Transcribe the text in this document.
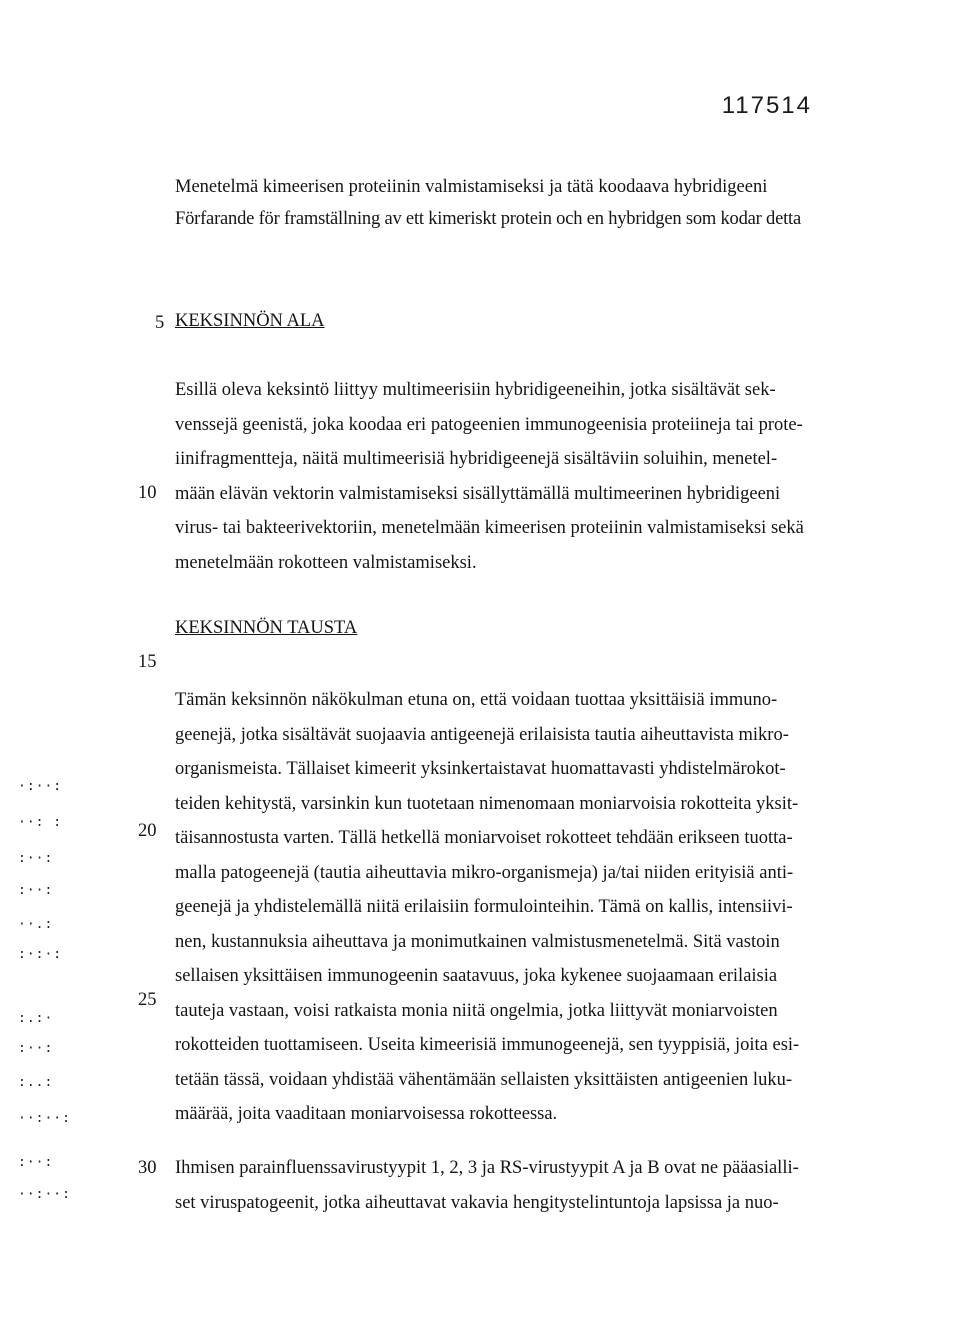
117514
Menetelmä kimeerisen proteiinin valmistamiseksi ja tätä koodaava hybridigeeni
Förfarande för framställning av ett kimeriskt protein och en hybridgen som kodar detta
5 KEKSINNÖN ALA
Esillä oleva keksintö liittyy multimeerisiin hybridigeeneihin, jotka sisältävät sek-
venssejä geenistä, joka koodaa eri patogeenien immunogeenisia proteiineja tai prote-
iinifragmentteja, näitä multimeerisiä hybridigeenejä sisältäviin soluihin, menetel-
mään elävän vektorin valmistamiseksi sisällyttämällä multimeerinen hybridigeeni
virus- tai bakteerivektoriin, menetelmään kimeerisen proteiinin valmistamiseksi sekä
menetelmään rokotteen valmistamiseksi.
10
KEKSINNÖN TAUSTA
15
Tämän keksinnön näkökulman etuna on, että voidaan tuottaa yksittäisiä immuno-
geenejä, jotka sisältävät suojaavia antigeenejä erilaisista tautia aiheuttavista mikro-
organismeista. Tällaiset kimeerit yksinkertaistavat huomattavasti yhdistelmärokot-
teiden kehitystä, varsinkin kun tuotetaan nimenomaan moniarvoisia rokotteita yksit-
täisannostusta varten. Tällä hetkellä moniarvoiset rokotteet tehdään erikseen tuotta-
malla patogeenejä (tautia aiheuttavia mikro-organismeja) ja/tai niiden erityisiä anti-
geenejä ja yhdistelemällä niitä erilaisiin formulointeihin. Tämä on kallis, intensiivi-
nen, kustannuksia aiheuttava ja monimutkainen valmistusmenetelmä. Sitä vastoin
sellaisen yksittäisen immunogeenin saatavuus, joka kykenee suojaamaan erilaisia
tauteja vastaan, voisi ratkaista monia niitä ongelmia, jotka liittyvät moniarvoisten
rokotteiden tuottamiseen. Useita kimeerisiä immunogeenejä, sen tyyppisiä, joita esi-
tetään tässä, voidaan yhdistää vähentämään sellaisten yksittäisten antigeenien luku-
määrää, joita vaaditaan moniarvoisessa rokotteessa.
20
25
Ihmisen parainfluenssavirustyypit 1, 2, 3 ja RS-virustyypit A ja B ovat ne pääasialli-
set viruspatogeenit, jotka aiheuttavat vakavia hengitystelintuntoja lapsissa ja nuo-
30
·:··:
··: :
:··:
:··:
··.:
:·:·:
:.:·
:··:
:..:
··:··:
:··:
··:··:
